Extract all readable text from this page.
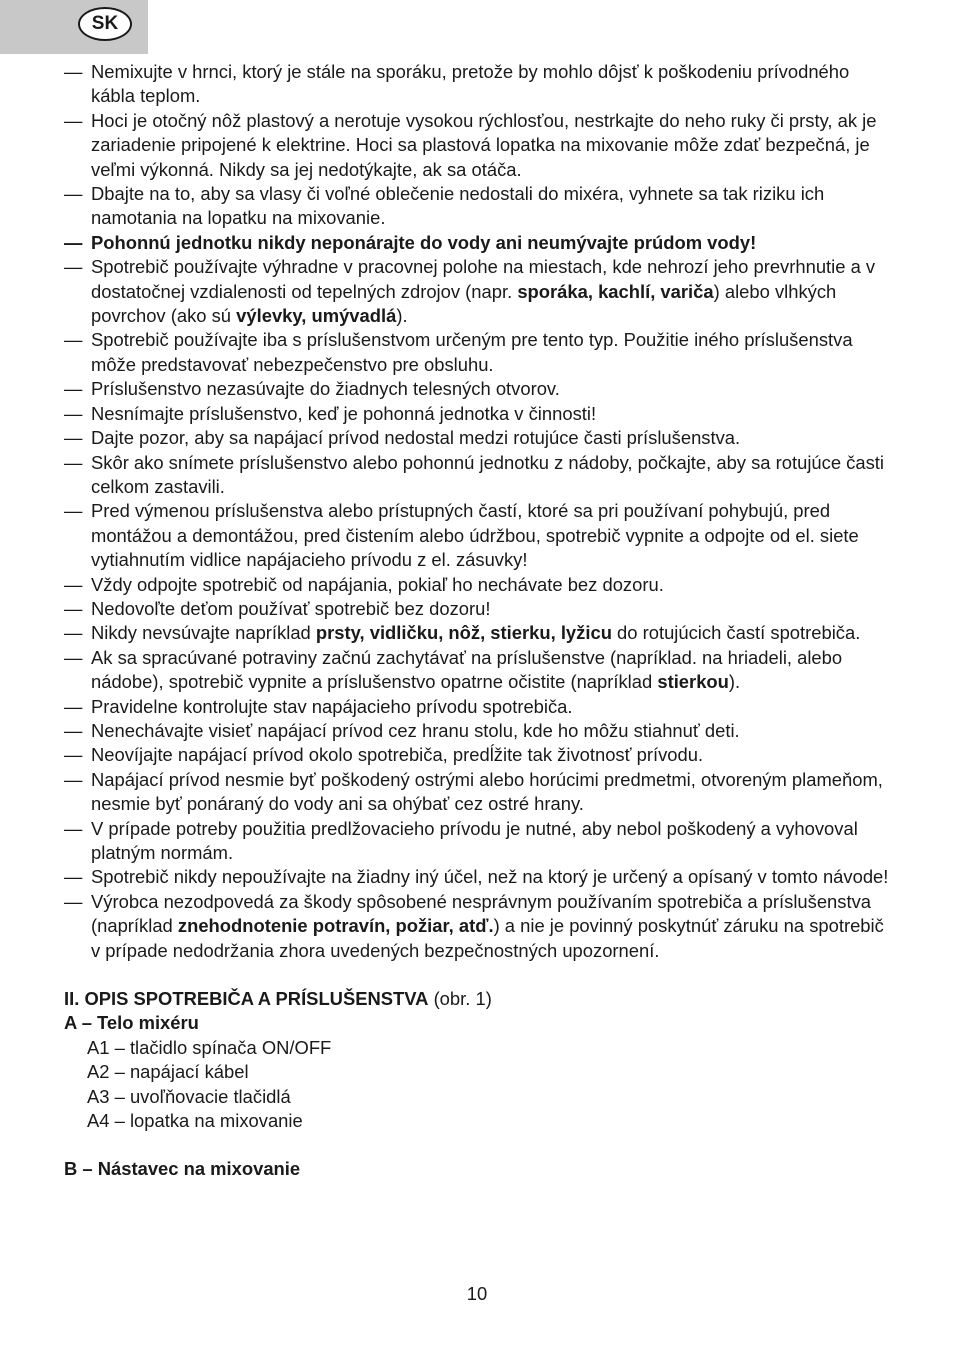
SK

— Nemixujte v hrnci, ktorý je stále na sporáku, pretože by mohlo dôjsť k poškodeniu prívodného kábla teplom.

— Hoci je otočný nôž plastový a nerotuje vysokou rýchlosťou, nestrkajte do neho ruky či prsty, ak je zariadenie pripojené k elektrine. Hoci sa plastová lopatka na mixovanie môže zdať bezpečná, je veľmi výkonná. Nikdy sa jej nedotýkajte, ak sa otáča.

— Dbajte na to, aby sa vlasy či voľné oblečenie nedostali do mixéra, vyhnete sa tak riziku ich namotania na lopatku na mixovanie.

— Pohonnú jednotku nikdy neponárajte do vody ani neumývajte prúdom vody!

— Spotrebič používajte výhradne v pracovnej polohe na miestach, kde nehrozí jeho prevrhnutie a v dostatočnej vzdialenosti od tepelných zdrojov (napr. sporáka, kachlí, variča) alebo vlhkých povrchov (ako sú výlevky, umývadlá).

— Spotrebič používajte iba s príslušenstvom určeným pre tento typ. Použitie iného príslušenstva môže predstavovať nebezpečenstvo pre obsluhu.

— Príslušenstvo nezasúvajte do žiadnych telesných otvorov.

— Nesnímajte príslušenstvo, keď je pohonná jednotka v činnosti!

— Dajte pozor, aby sa napájací prívod nedostal medzi rotujúce časti príslušenstva.

— Skôr ako snímete príslušenstvo alebo pohonnú jednotku z nádoby, počkajte, aby sa rotujúce časti celkom zastavili.

— Pred výmenou príslušenstva alebo prístupných častí, ktoré sa pri používaní pohybujú, pred montážou a demontážou, pred čistením alebo údržbou, spotrebič vypnite a odpojte od el. siete vytiahnutím vidlice napájacieho prívodu z el. zásuvky!

— Vždy odpojte spotrebič od napájania, pokiaľ ho nechávate bez dozoru.

— Nedovoľte deťom používať spotrebič bez dozoru!

— Nikdy nevsúvajte napríklad prsty, vidličku, nôž, stierku, lyžicu do rotujúcich častí spotrebiča.

— Ak sa spracúvané potraviny začnú zachytávať na príslušenstve (napríklad. na hriadeli, alebo nádobe), spotrebič vypnite a príslušenstvo opatrne očistite (napríklad stierkou).

— Pravidelne kontrolujte stav napájacieho prívodu spotrebiča.

— Nenechávajte visieť napájací prívod cez hranu stolu, kde ho môžu stiahnuť deti.

— Neovíjajte napájací prívod okolo spotrebiča, predĺžite tak životnosť prívodu.

— Napájací prívod nesmie byť poškodený ostrými alebo horúcimi predmetmi, otvoreným plameňom, nesmie byť ponáraný do vody ani sa ohýbať cez ostré hrany.

— V prípade potreby použitia predlžovacieho prívodu je nutné, aby nebol poškodený a vyhovoval platným normám.

— Spotrebič nikdy nepoužívajte na žiadny iný účel, než na ktorý je určený a opísaný v tomto návode!

— Výrobca nezodpovedá za škody spôsobené nesprávnym používaním spotrebiča a príslušenstva (napríklad znehodnotenie potravín, požiar, atď.) a nie je povinný poskytnúť záruku na spotrebič v prípade nedodržania zhora uvedených bezpečnostných upozornení.

II. OPIS SPOTREBIČA A PRÍSLUŠENSTVA (obr. 1)

A – Telo mixéru

A1 – tlačidlo spínača ON/OFF

A2 – napájací kábel

A3 – uvoľňovacie tlačidlá

A4 – lopatka na mixovanie

B – Nástavec na mixovanie

10
